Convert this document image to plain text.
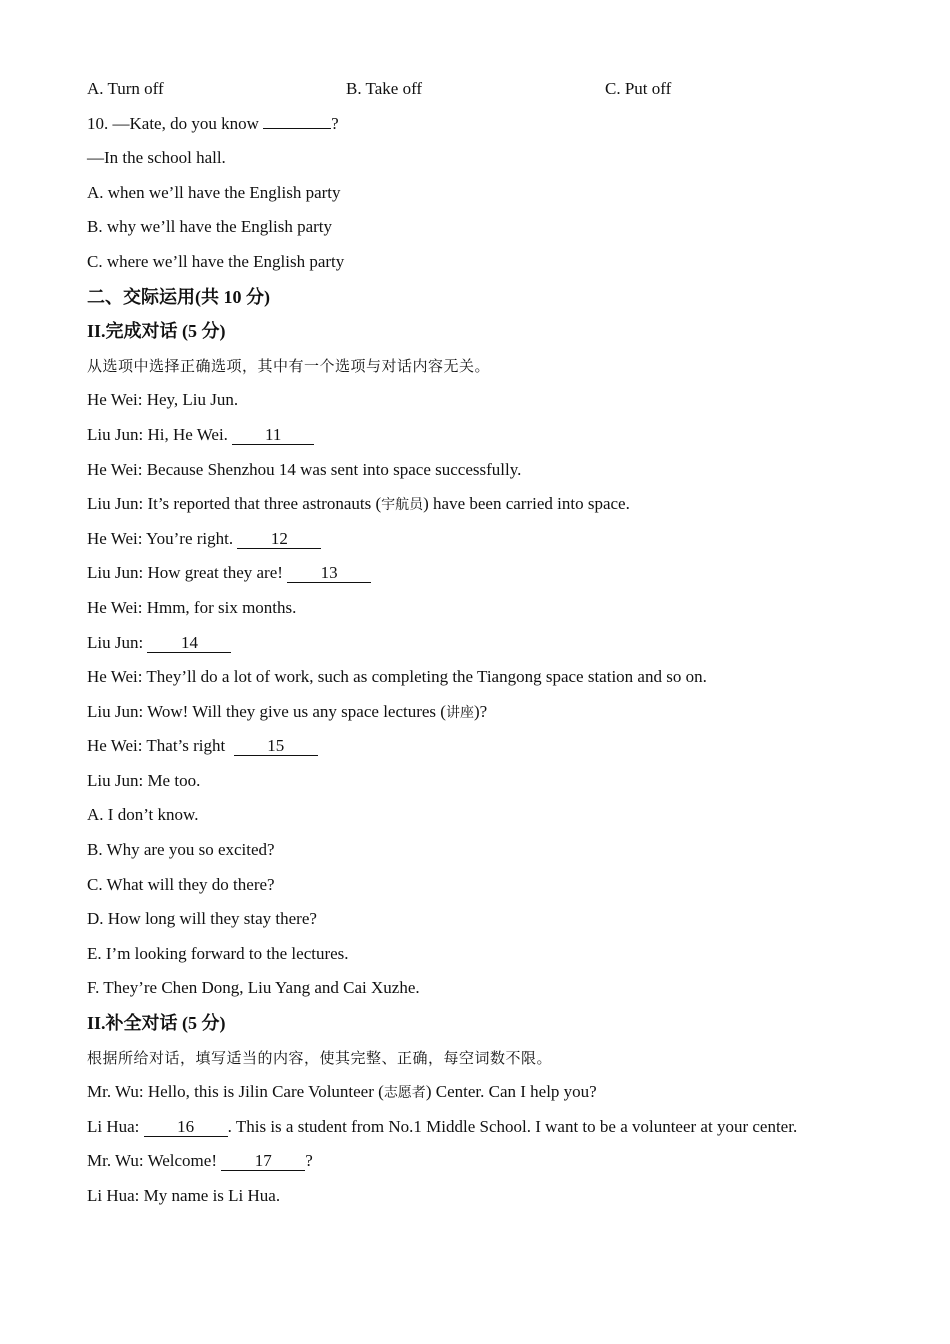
A. Turn off	B. Take off	C. Put off
10. —Kate, do you know	?
—In the school hall.
A. when we’ll have the English party
B. why we’ll have the English party
C. where we’ll have the English party
二、交际运用(共 10 分)
II.完成对话 (5 分)
从选项中选择正确选项，其中有一个选项与对话内容无关。
He Wei: Hey, Liu Jun.
Liu Jun: Hi, He Wei. 11
He Wei: Because Shenzhou 14 was sent into space successfully.
Liu Jun: It’s reported that three astronauts (宇航员) have been carried into space.
He Wei: You’re right. 12
Liu Jun: How great they are! 13
He Wei: Hmm, for six months.
Liu Jun: 14
He Wei: They’ll do a lot of work, such as completing the Tiangong space station and so on.
Liu Jun: Wow! Will they give us any space lectures (讲座)?
He Wei: That’s right  15
Liu Jun: Me too.
A. I don’t know.
B. Why are you so excited?
C. What will they do there?
D. How long will they stay there?
E. I’m looking forward to the lectures.
F. They’re Chen Dong, Liu Yang and Cai Xuzhe.
II.补全对话 (5 分)
根据所给对话，填写适当的内容，使其完整、正确，每空词数不限。
Mr. Wu: Hello, this is Jilin Care Volunteer (志愿者) Center. Can I help you?
Li Hua: 16 . This is a student from No.1 Middle School. I want to be a volunteer at your center.
Mr. Wu: Welcome! 17 ?
Li Hua: My name is Li Hua.
